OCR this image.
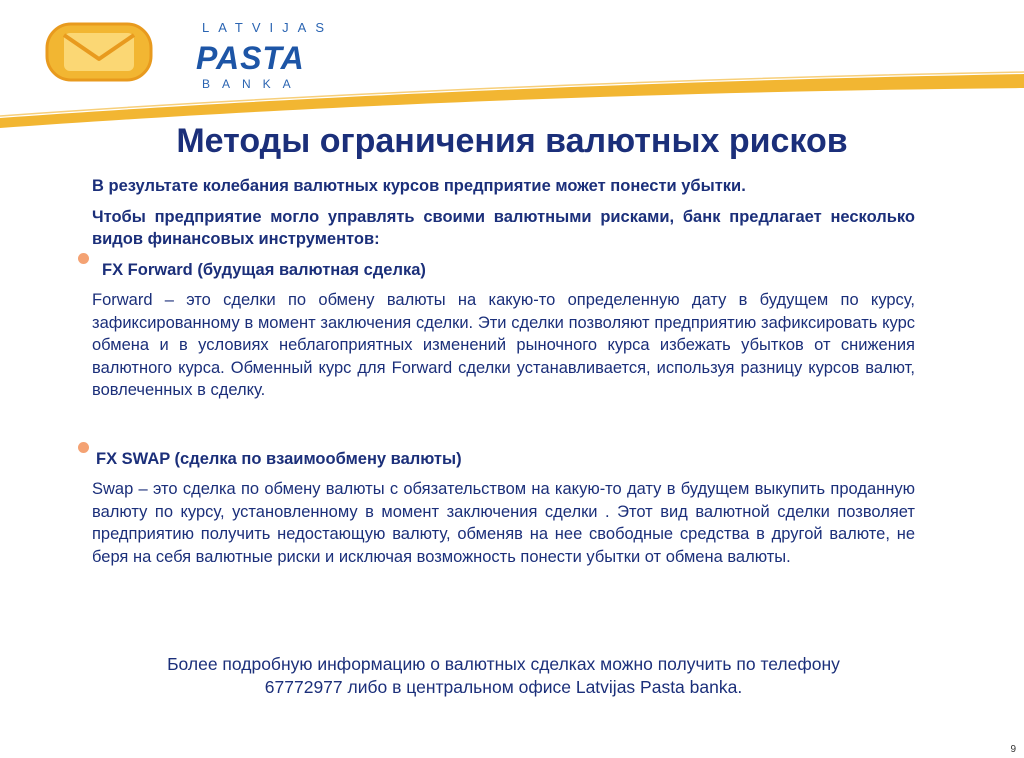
LATVIJAS
PASTA
BANKA
Методы ограничения валютных рисков

В результате колебания валютных курсов предприятие может понести убытки.

Чтобы предприятие могло управлять своими валютными рисками, банк предлагает несколько видов финансовых инструментов:

FX Forward (будущая валютная сделка)

Forward – это сделки по обмену валюты на какую-то определенную дату в будущем по курсу, зафиксированному в момент заключения сделки. Эти сделки позволяют предприятию зафиксировать курс обмена и в условиях неблагоприятных изменений рыночного курса избежать убытков от снижения валютного курса. Обменный курс для Forward сделки устанавливается, используя разницу курсов валют, вовлеченных в сделку.

FX SWAP (сделка по взаимообмену валюты)

Swap – это сделка по обмену валюты с обязательством на какую-то дату в будущем выкупить проданную валюту по курсу, установленному в момент заключения сделки . Этот вид валютной сделки позволяет предприятию получить недостающую валюту, обменяв на нее свободные средства в другой валюте, не беря на себя валютные риски и исключая возможность понести убытки от обмена валюты.

Более подробную информацию о валютных сделках можно получить по телефону
67772977 либо в центральном офисе Latvijas Pasta banka.
9
